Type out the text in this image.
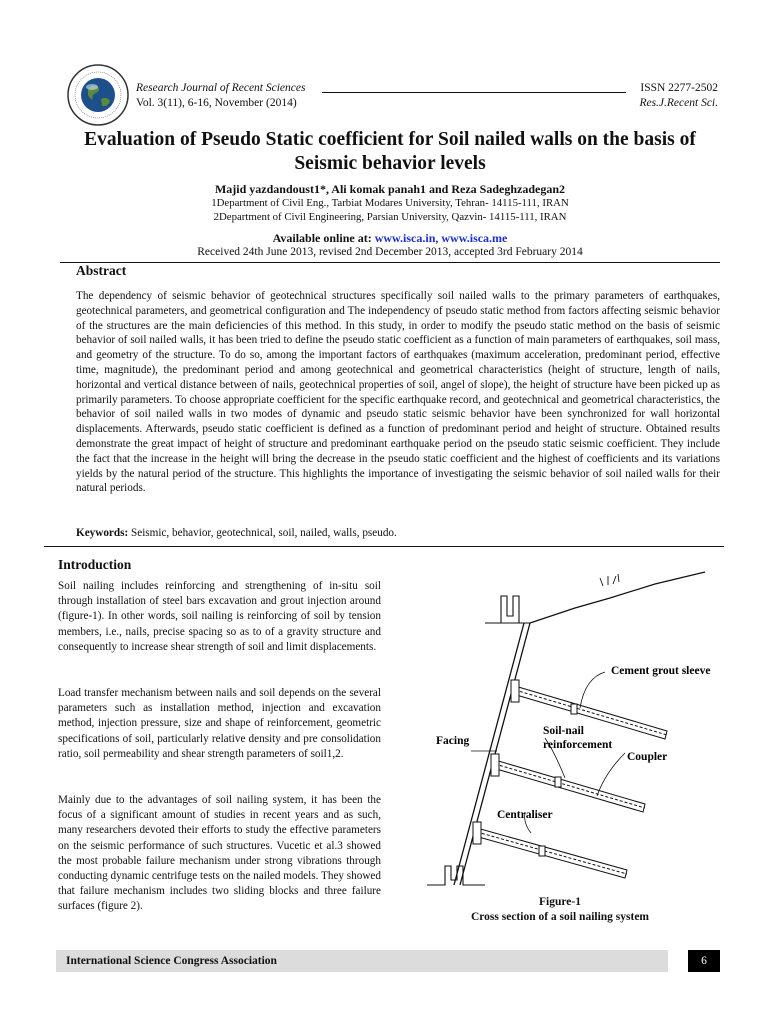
Research Journal of Recent Sciences
Vol. 3(11), 6-16, November (2014)
ISSN 2277-2502
Res.J.Recent Sci.
Evaluation of Pseudo Static coefficient for Soil nailed walls on the basis of Seismic behavior levels
Majid yazdandoust1*, Ali komak panah1 and Reza Sadeghzadegan2
1Department of Civil Eng., Tarbiat Modares University, Tehran- 14115-111, IRAN
2Department of Civil Engineering, Parsian University, Qazvin- 14115-111, IRAN
Available online at: www.isca.in, www.isca.me
Received 24th June 2013, revised 2nd December 2013, accepted 3rd February 2014
Abstract
The dependency of seismic behavior of geotechnical structures specifically soil nailed walls to the primary parameters of earthquakes, geotechnical parameters, and geometrical configuration and The independency of pseudo static method from factors affecting seismic behavior of the structures are the main deficiencies of this method. In this study, in order to modify the pseudo static method on the basis of seismic behavior of soil nailed walls, it has been tried to define the pseudo static coefficient as a function of main parameters of earthquakes, soil mass, and geometry of the structure. To do so, among the important factors of earthquakes (maximum acceleration, predominant period, effective time, magnitude), the predominant period and among geotechnical and geometrical characteristics (height of structure, length of nails, horizontal and vertical distance between of nails, geotechnical properties of soil, angel of slope), the height of structure have been picked up as primarily parameters. To choose appropriate coefficient for the specific earthquake record, and geotechnical and geometrical characteristics, the behavior of soil nailed walls in two modes of dynamic and pseudo static seismic behavior have been synchronized for wall horizontal displacements. Afterwards, pseudo static coefficient is defined as a function of predominant period and height of structure. Obtained results demonstrate the great impact of height of structure and predominant earthquake period on the pseudo static seismic coefficient. They include the fact that the increase in the height will bring the decrease in the pseudo static coefficient and the highest of coefficients and its variations yields by the natural period of the structure. This highlights the importance of investigating the seismic behavior of soil nailed walls for their natural periods.
Keywords: Seismic, behavior, geotechnical, soil, nailed, walls, pseudo.
Introduction
Soil nailing includes reinforcing and strengthening of in-situ soil through installation of steel bars excavation and grout injection around (figure-1). In other words, soil nailing is reinforcing of soil by tension members, i.e., nails, precise spacing so as to of a gravity structure and consequently to increase shear strength of soil and limit displacements.
Load transfer mechanism between nails and soil depends on the several parameters such as installation method, injection and excavation method, injection pressure, size and shape of reinforcement, geometric specifications of soil, particularly relative density and pre consolidation ratio, soil permeability and shear strength parameters of soil1,2.
Mainly due to the advantages of soil nailing system, it has been the focus of a significant amount of studies in recent years and as such, many researchers devoted their efforts to study the effective parameters on the seismic performance of such structures. Vucetic et al.3 showed the most probable failure mechanism under strong vibrations through conducting dynamic centrifuge tests on the nailed models. They showed that failure mechanism includes two sliding blocks and three failure surfaces (figure 2).
Cement grout sleeve
Soil-nail
reinforcement
Facing
Coupler
Centraliser
Figure-1
Cross section of a soil nailing system
International Science Congress Association	6
